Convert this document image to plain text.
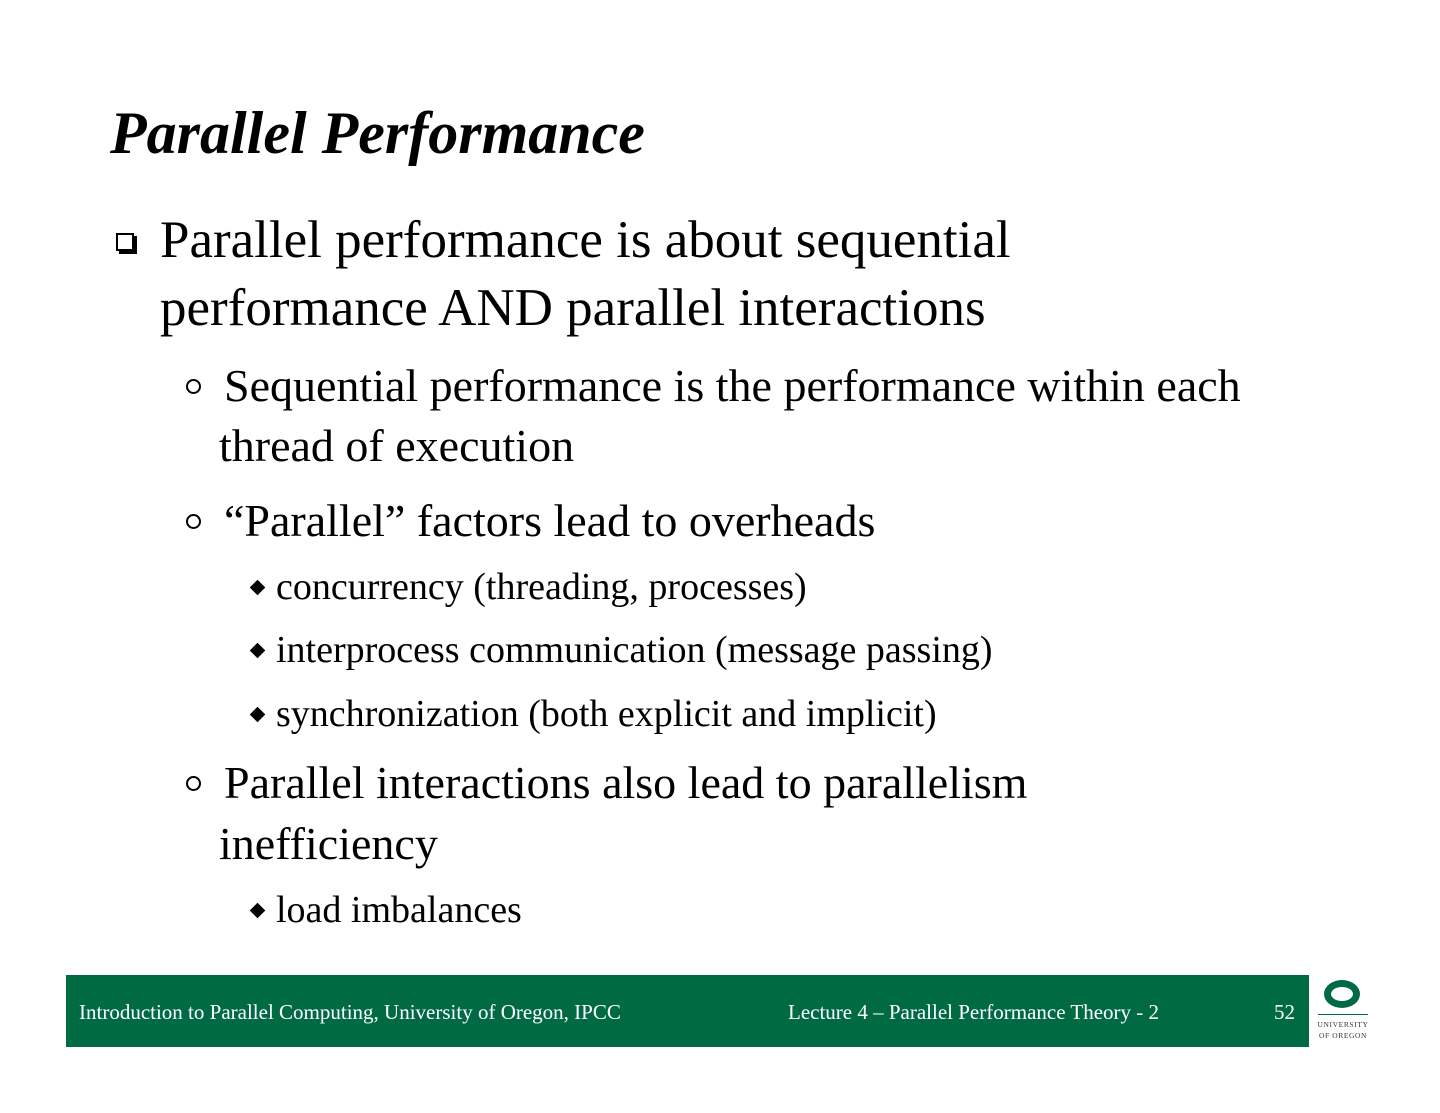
Parallel Performance
Parallel performance is about sequential
performance AND parallel interactions
Sequential performance is the performance within each
thread of execution
“Parallel” factors lead to overheads
concurrency (threading, processes)
interprocess communication (message passing)
synchronization (both explicit and implicit)
Parallel interactions also lead to parallelism
inefficiency
load imbalances
Introduction to Parallel Computing, University of Oregon, IPCC	Lecture 4 – Parallel Performance Theory - 2	52
UNIVERSITY
OF OREGON
